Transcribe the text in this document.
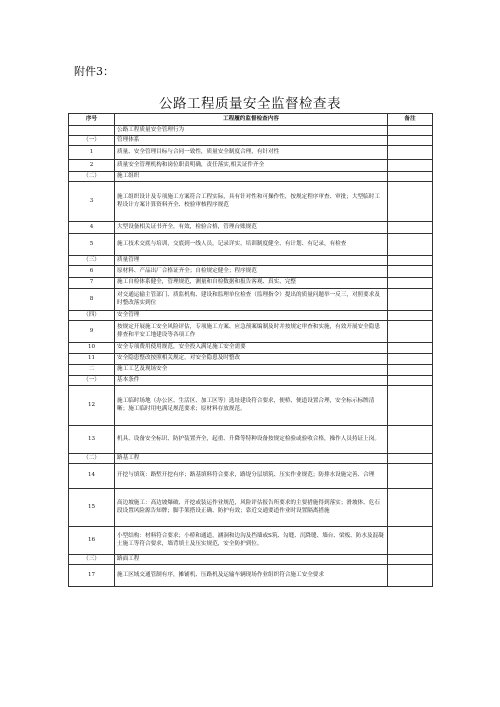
附件3：
公路工程质量安全监督检查表
序号	工程履约监督检查内容	备注
	公路工程质量安全管理行为	
（一）	管理体系	
1	质量、安全管理目标与合同一致性，质量安全制度合理，有针对性	
2	质量安全管理机构和岗位职责明确，责任落实,相关证件齐全	
（二）	施工组织	
3	施工组织设计及专项施工方案符合工程实际，具有针对性和可操作性，按规定程序审查、审批；大型临时工程设计方案计算资料齐全、校验审核程序规范	
4	大型设备相关证书齐全，有效，检验合格，管理台账规范	
5	施工技术交底与培训，交底到一线人员，记录详实。培训制度健全、有计划、有记录，有检查	
（三）	质量管理	
6	原材料、产品出厂合格证齐全；自检规定健全；程序规范	
7	施工自检体系健全，管理规范，测量和自检数据和报告客观、真实、完整	
8	对交通运输主管部门、质监机构、建设和监理单位检查（监理指令）提出的质量问题举一反三，对照要求及时整改落实到位	
（四）	安全管理	
9	按规定开展施工安全风险评估，专项施工方案、应急预案编制及时并按规定审查和实施，有效开展安全隐患排查和平安工地建设等各项工作	
10	安全专项费用使用规范，安全投入满足施工安全需要	
11	安全隐患整改按照相关规定，对安全隐患及时整改	
二	施工工艺及现场安全	
（一）	基本条件	
12	施工临时场地（办公区、生活区、加工区等）选址建设符合要求，便桥、便道设置合理，安全标示标牌清晰；施工临时用电满足规范要求；原材料存放规范。	
13	机具、设备安全标识、防护装置齐全，起重、升降等特种设备按规定检验或验收合格，操作人员持证上岗。	
（二）	路基工程	
14	开挖与填筑：路堑开挖有序；路基填料符合要求，路堤分层填筑、压实作业规范；防排水设施完善、合理	
15	高边坡施工：高边坡爆破、开挖或装运作业规范，风险评估报告所要求的主要措施得到落实；滑坡体、危石段设置风险源告知牌；脚手架搭设正确、防护有效；靠近交通要道作业时设置隔离措施	
16	小型结构：材料符合要求；小桥和通道，涵洞和边沟及挡墙或S筑、勾缝、沉降缝、墙台、梁板、防水及混凝土施工等符合要求，墙背填土及压实规范，安全防护到位。	
（三）	路面工程	
17	施工区域交通管制有序，摊铺机、压路机及运输车辆现场作业组织符合施工安全要求	
